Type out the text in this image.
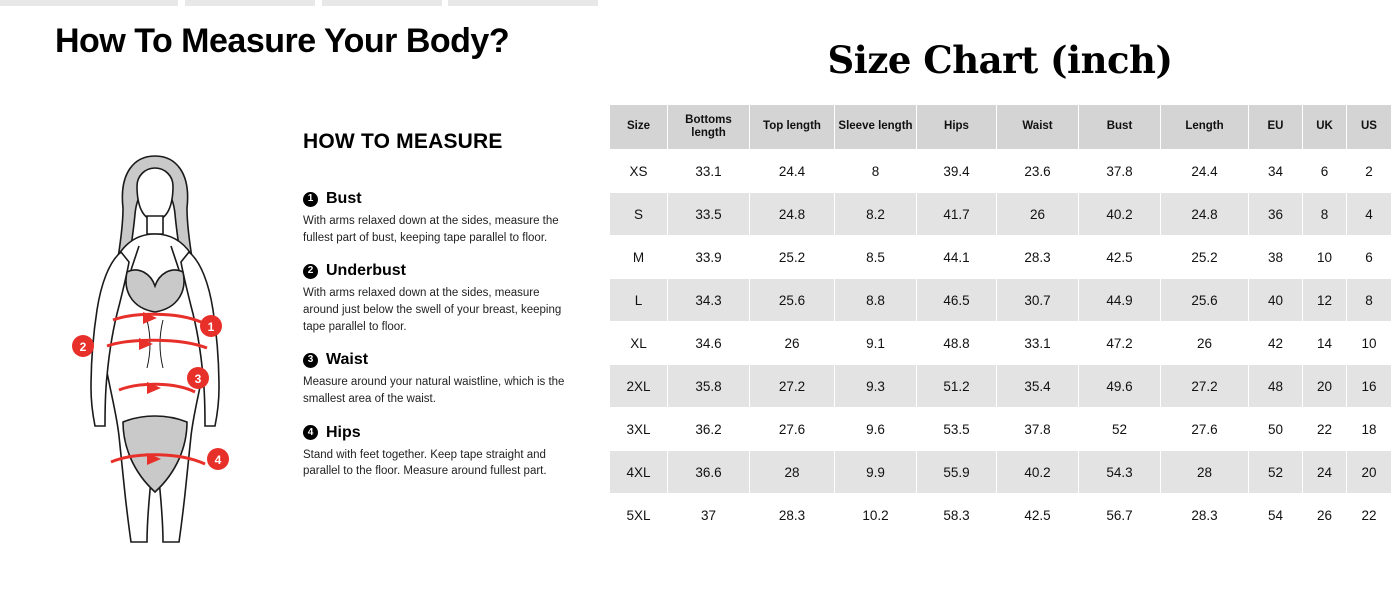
How To Measure Your Body?
HOW TO MEASURE
1
2
3
4
1 Bust
With arms relaxed down at the sides, measure the fullest part of bust, keeping tape parallel to floor.
2 Underbust
With arms relaxed down at the sides, measure around just below the swell of your breast, keeping tape parallel to floor.
3 Waist
Measure around your natural waistline, which is the smallest area of the waist.
4 Hips
Stand with feet together. Keep tape straight and parallel to the floor. Measure around fullest part.
Size Chart (inch)
Size	Bottoms length	Top length	Sleeve length	Hips	Waist	Bust	Length	EU	UK	US
XS	33.1	24.4	8	39.4	23.6	37.8	24.4	34	6	2
S	33.5	24.8	8.2	41.7	26	40.2	24.8	36	8	4
M	33.9	25.2	8.5	44.1	28.3	42.5	25.2	38	10	6
L	34.3	25.6	8.8	46.5	30.7	44.9	25.6	40	12	8
XL	34.6	26	9.1	48.8	33.1	47.2	26	42	14	10
2XL	35.8	27.2	9.3	51.2	35.4	49.6	27.2	48	20	16
3XL	36.2	27.6	9.6	53.5	37.8	52	27.6	50	22	18
4XL	36.6	28	9.9	55.9	40.2	54.3	28	52	24	20
5XL	37	28.3	10.2	58.3	42.5	56.7	28.3	54	26	22
